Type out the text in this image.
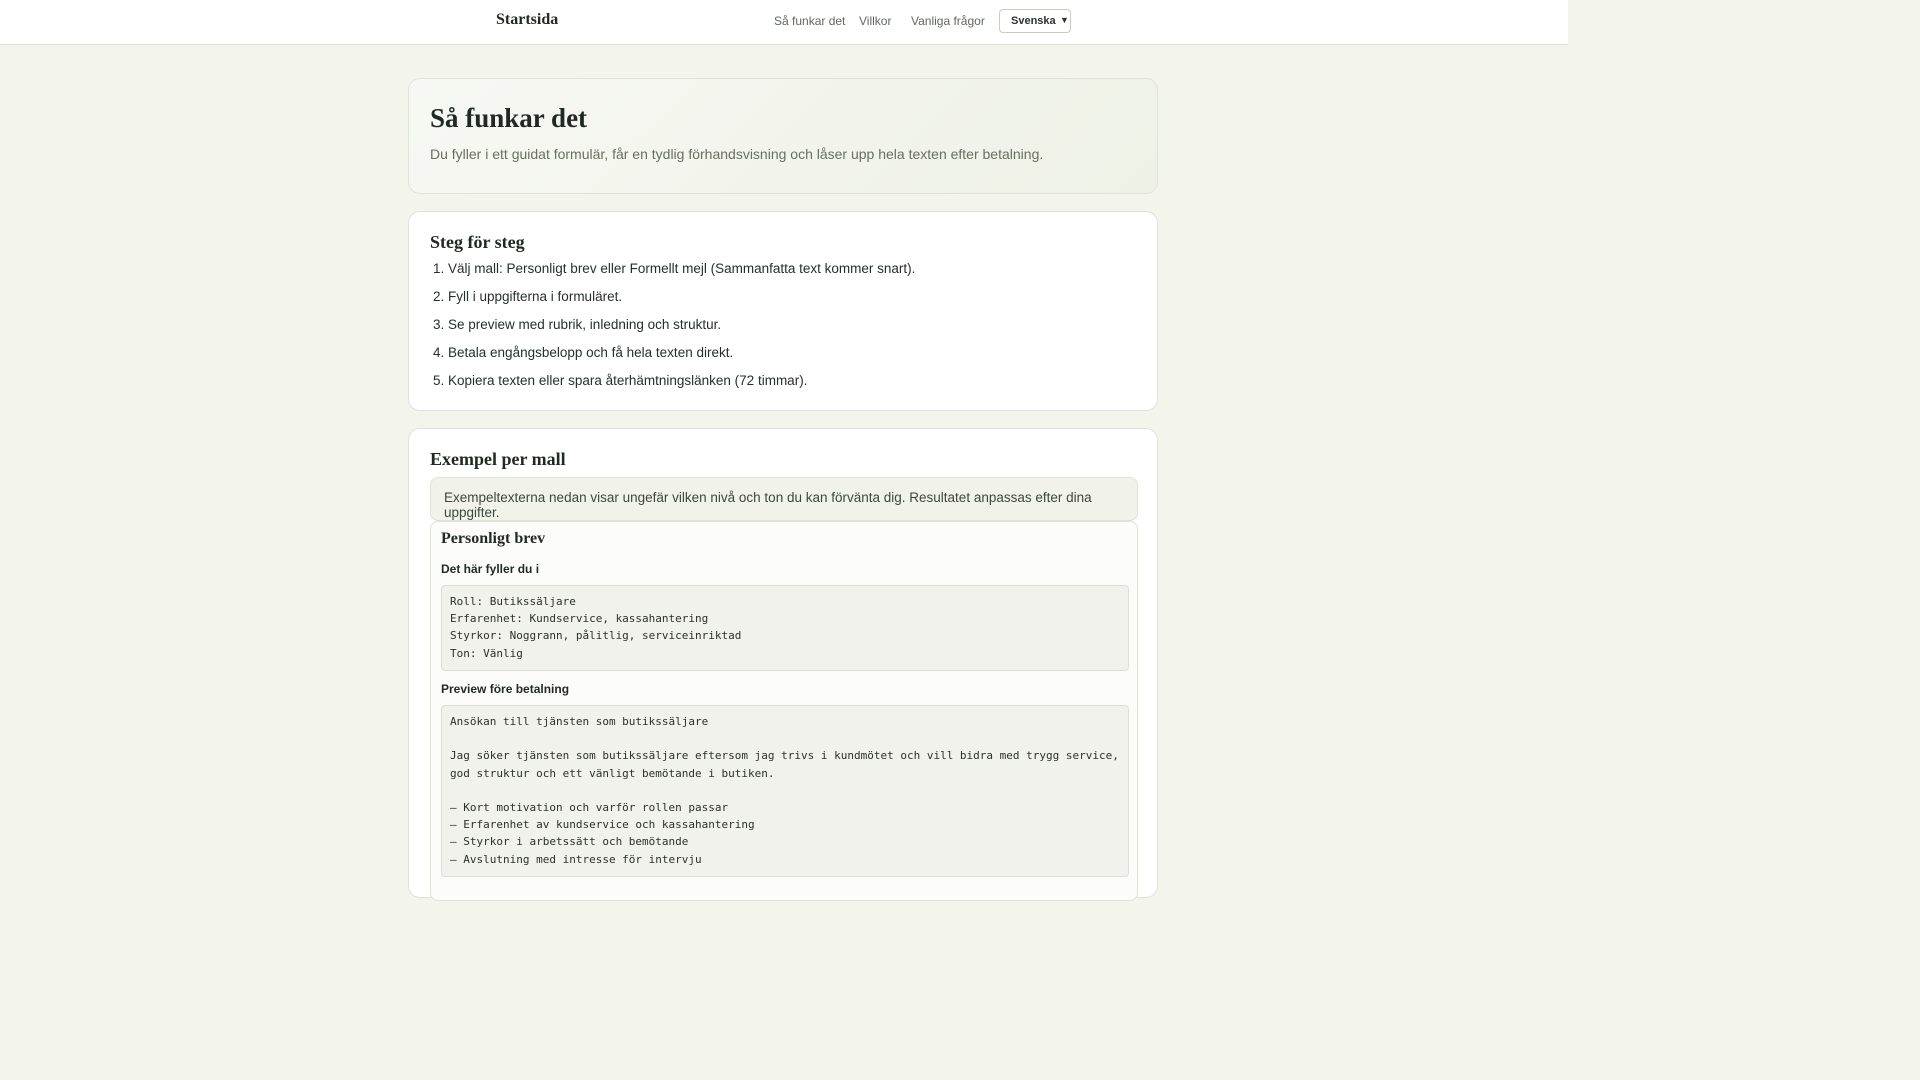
Startsida	Så funkar det Villkor Vanliga frågor Svenska ▼
Så funkar det

Du fyller i ett guidat formulär, får en tydlig förhandsvisning och låser upp hela texten efter betalning.

Steg för steg
1. Välj mall: Personligt brev eller Formellt mejl (Sammanfatta text kommer snart).
2. Fyll i uppgifterna i formuläret.
3. Se preview med rubrik, inledning och struktur.
4. Betala engångsbelopp och få hela texten direkt.
5. Kopiera texten eller spara återhämtningslänken (72 timmar).
Exempel per mall
Exempeltexterna nedan visar ungefär vilken nivå och ton du kan förvänta dig. Resultatet anpassas efter dina uppgifter.
Personligt brev
Det här fyller du i
Roll: Butikssäljare
Erfarenhet: Kundservice, kassahantering
Styrkor: Noggrann, pålitlig, serviceinriktad
Ton: Vänlig
Preview före betalning
Ansökan till tjänsten som butikssäljare

Jag söker tjänsten som butikssäljare eftersom jag trivs i kundmötet och vill bidra med trygg service,
god struktur och ett vänligt bemötande i butiken.

– Kort motivation och varför rollen passar
– Erfarenhet av kundservice och kassahantering
– Styrkor i arbetssätt och bemötande
– Avslutning med intresse för intervju
